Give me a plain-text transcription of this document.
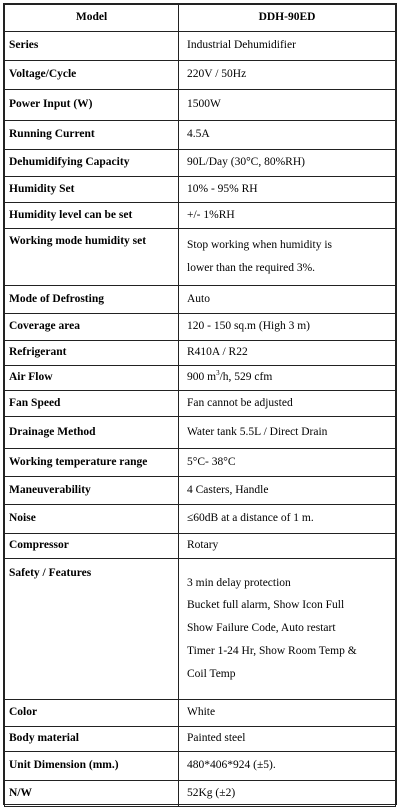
Model	DDH-90ED
Series	Industrial Dehumidifier
Voltage/Cycle	220V / 50Hz
Power Input (W)	1500W
Running Current	4.5A
Dehumidifying Capacity	90L/Day (30°C, 80%RH)
Humidity Set	10% - 95% RH
Humidity level can be set	+/- 1%RH
Working mode humidity set	Stop working when humidity is
lower than the required 3%.

Mode of Defrosting	Auto
Coverage area	120 - 150 sq.m (High 3 m)
Refrigerant	R410A / R22
Air Flow	900 $m^3/h$, 529 cfm
Fan Speed	Fan cannot be adjusted
Drainage Method	Water tank 5.5L / Direct Drain
Working temperature range	5°C- 38°C
Maneuverability	4 Casters, Handle
Noise	≤60dB at a distance of 1 m.
Compressor	Rotary
Safety / Features	3 min delay protection
Bucket full alarm, Show Icon Full
Show Failure Code, Auto restart
Timer 1-24 Hr, Show Room Temp &
Coil Temp

Color	White
Body material	Painted steel
Unit Dimension (mm.)	480*406*924 (±5).
N/W	52Kg (±2)
